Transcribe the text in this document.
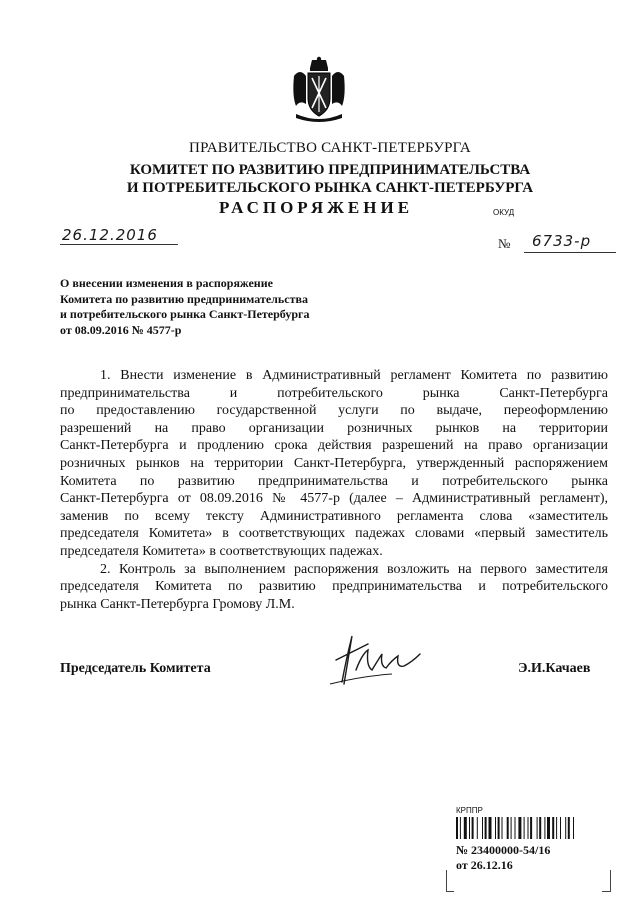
ПРАВИТЕЛЬСТВО САНКТ-ПЕТЕРБУРГА
КОМИТЕТ ПО РАЗВИТИЮ ПРЕДПРИНИМАТЕЛЬСТВА
И ПОТРЕБИТЕЛЬСКОГО РЫНКА САНКТ-ПЕТЕРБУРГА
РАСПОРЯЖЕНИЕ	ОКУД
26.12.2016	№ 6733-р
О внесении изменения в распоряжение
Комитета по развитию предпринимательства
и потребительского рынка Санкт-Петербурга
от 08.09.2016 № 4577-р
1. Внести изменение в Административный регламент Комитета по развитию
предпринимательства и потребительского рынка Санкт-Петербурга
по предоставлению государственной услуги по выдаче, переоформлению
разрешений на право организации розничных рынков на территории
Санкт-Петербурга и продлению срока действия разрешений на право организации
розничных рынков на территории Санкт-Петербурга, утвержденный распоряжением
Комитета по развитию предпринимательства и потребительского рынка
Санкт-Петербурга от 08.09.2016 № 4577-р (далее – Административный регламент),
заменив по всему тексту Административного регламента слова «заместитель
председателя Комитета» в соответствующих падежах словами «первый заместитель
председателя Комитета» в соответствующих падежах.
2. Контроль за выполнением распоряжения возложить на первого заместителя
председателя Комитета по развитию предпринимательства и потребительского
рынка Санкт-Петербурга Громову Л.М.
Председатель Комитета	Э.И.Качаев
КРППР
№ 23400000-54/16
от 26.12.16
